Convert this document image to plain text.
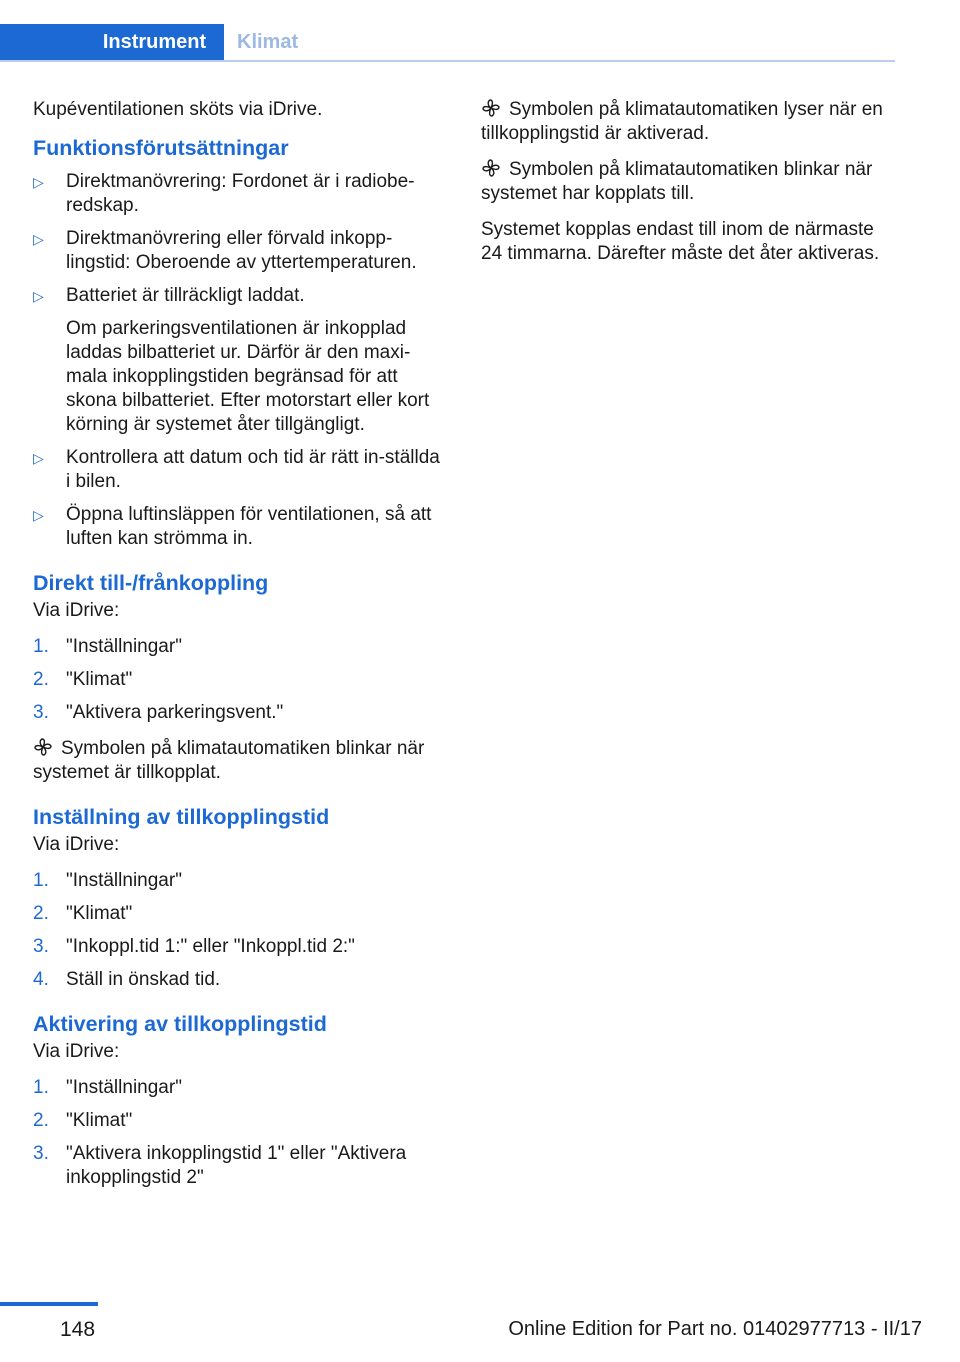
Instrument	Klimat

Kupéventilationen sköts via iDrive.

Funktionsförutsättningar
▷ Direktmanövrering: Fordonet är i radiobe-redskap.
▷ Direktmanövrering eller förvald inkopp-lingstid: Oberoende av yttertemperaturen.
▷ Batteriet är tillräckligt laddat.
Om parkeringsventilationen är inkopplad laddas bilbatteriet ur. Därför är den maxi-mala inkopplingstiden begränsad för att skona bilbatteriet. Efter motorstart eller kort körning är systemet åter tillgängligt.
▷ Kontrollera att datum och tid är rätt in-ställda i bilen.
▷ Öppna luftinsläppen för ventilationen, så att luften kan strömma in.
Direkt till-/frånkoppling

Via iDrive:

1. "Inställningar"
2. "Klimat"
3. "Aktivera parkeringsvent."

Symbolen på klimatautomatiken blinkar när systemet är tillkopplat.

Inställning av tillkopplingstid

Via iDrive:

1. "Inställningar"
2. "Klimat"
3. "Inkoppl.tid 1:" eller "Inkoppl.tid 2:"
4. Ställ in önskad tid.
Aktivering av tillkopplingstid

Via iDrive:

1. "Inställningar"
2. "Klimat"
3. "Aktivera inkopplingstid 1" eller "Aktivera inkopplingstid 2"

Symbolen på klimatautomatiken lyser när en tillkopplingstid är aktiverad.

Symbolen på klimatautomatiken blinkar när systemet har kopplats till.

Systemet kopplas endast till inom de närmaste 24 timmarna. Därefter måste det åter aktiveras.

148	Online Edition for Part no. 01402977713 - II/17
